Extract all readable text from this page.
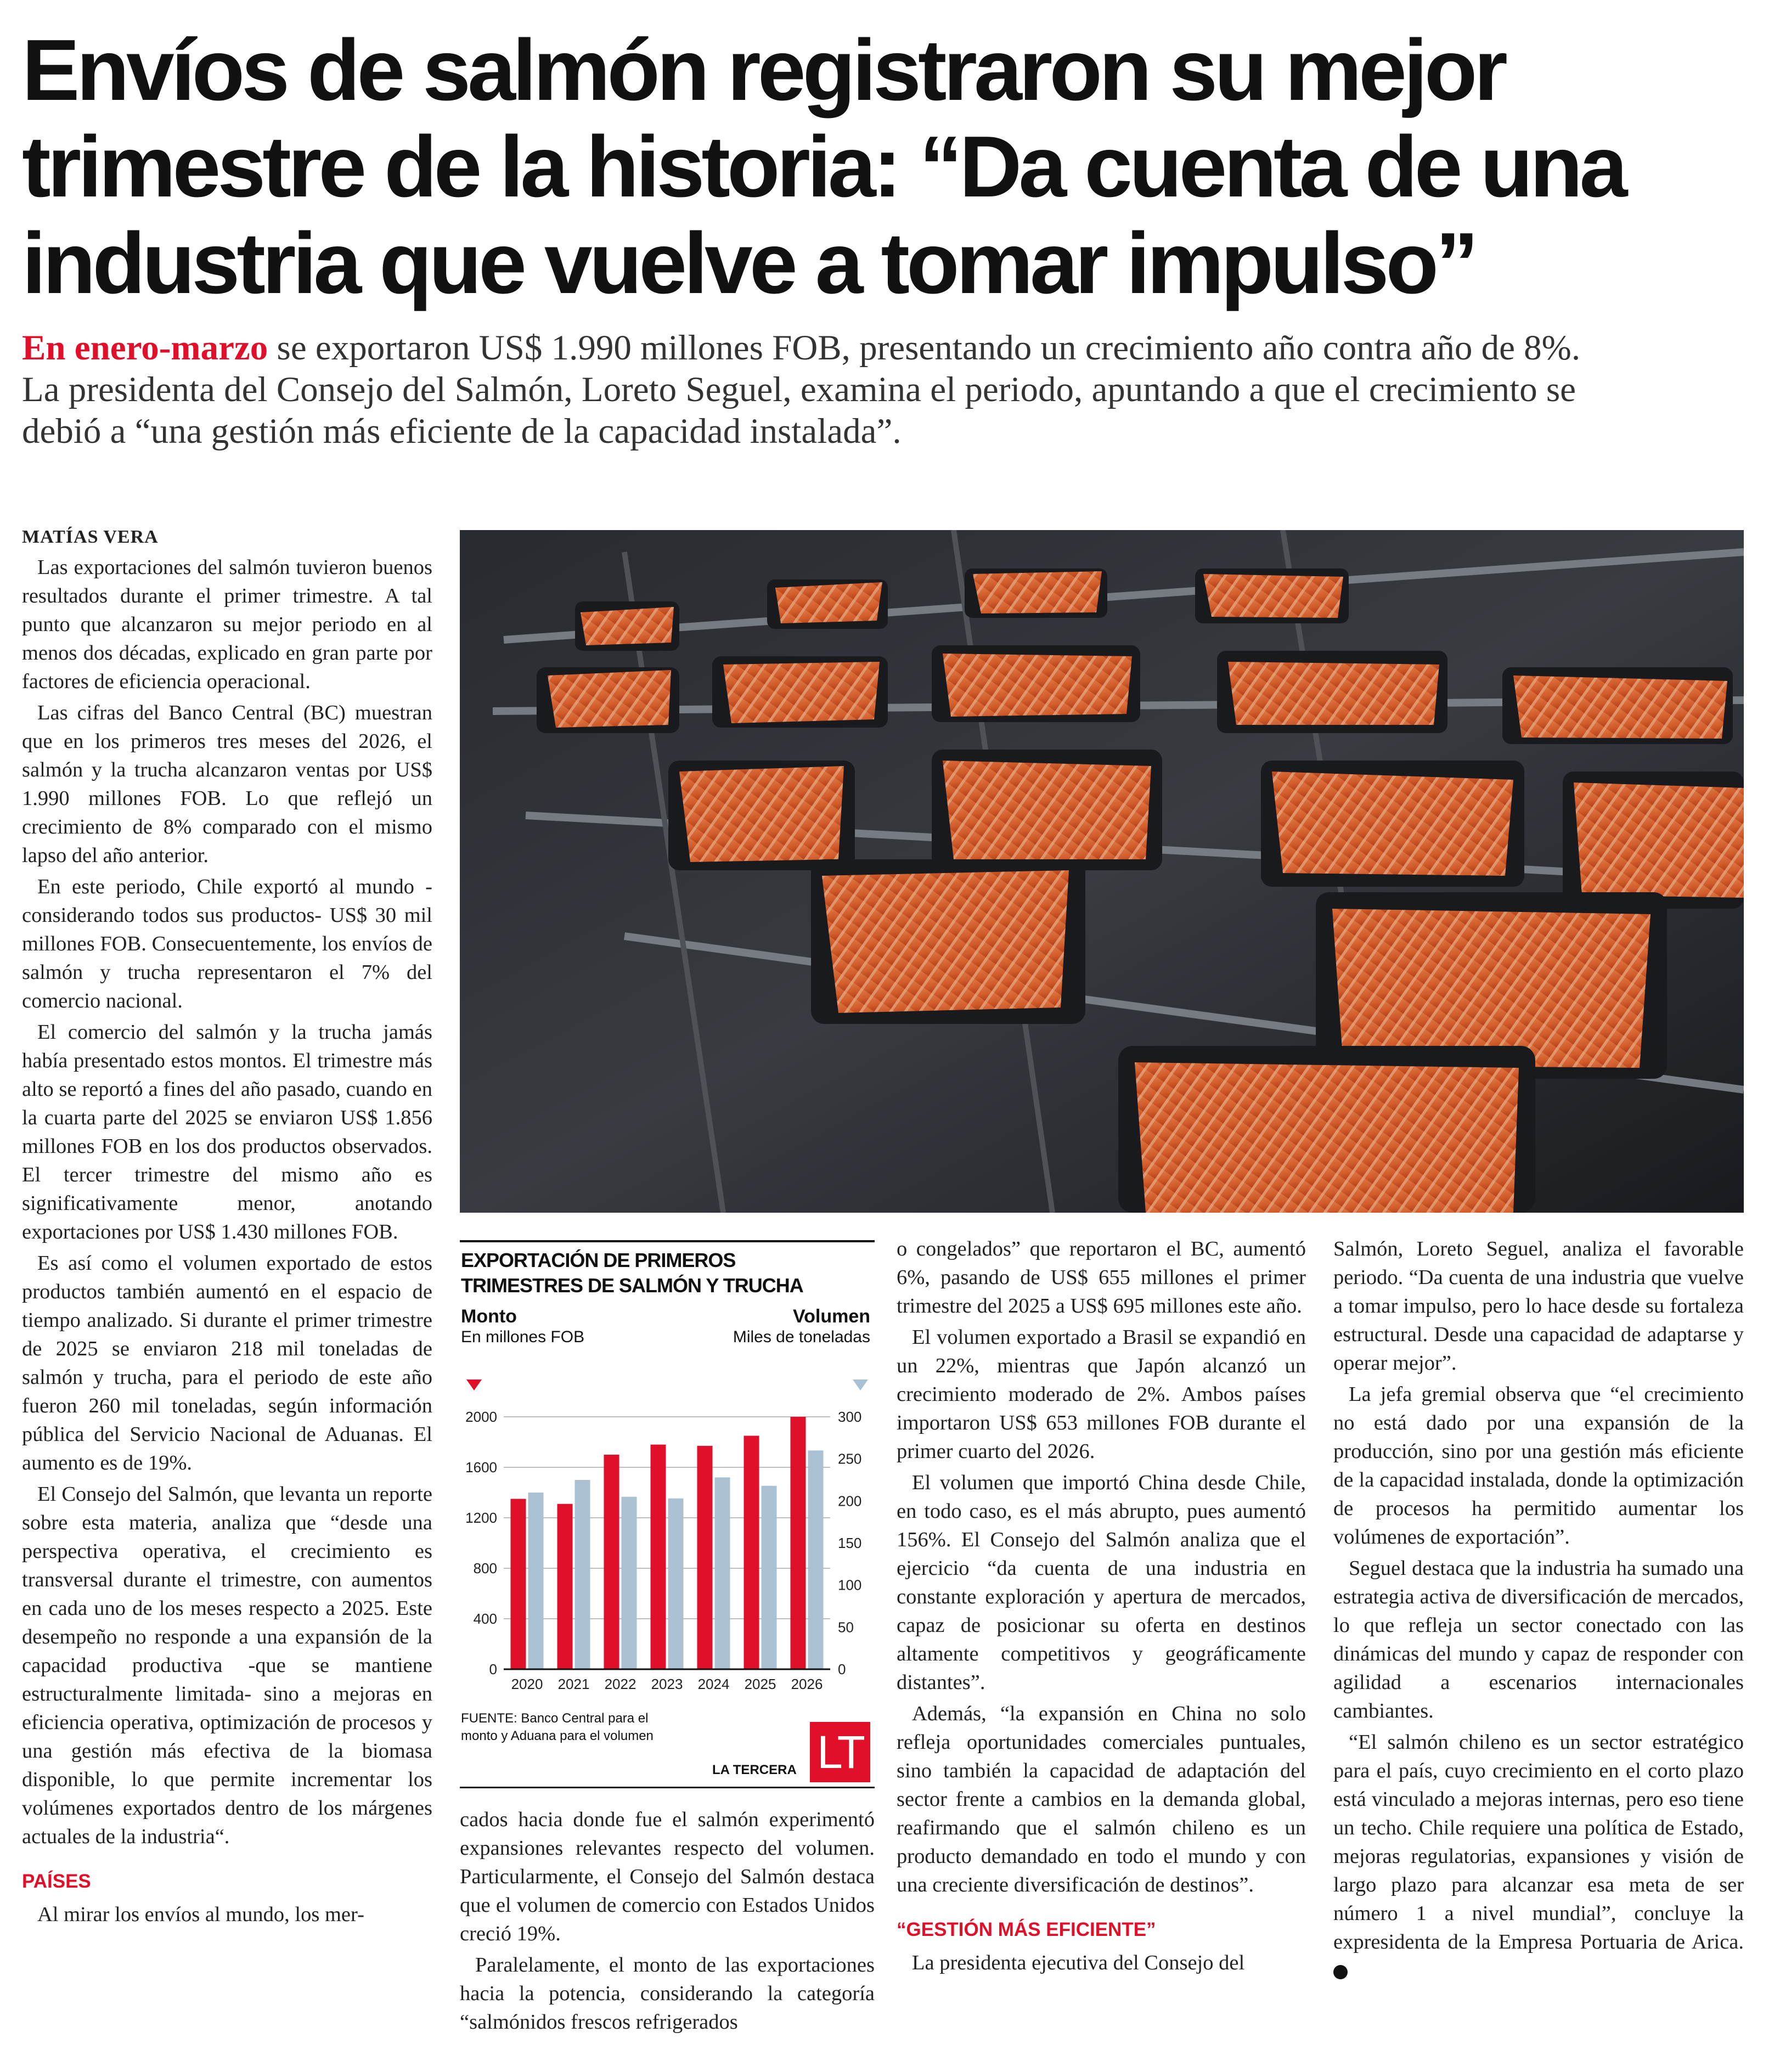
Envíos de salmón registraron su mejor
trimestre de la historia: “Da cuenta de una
industria que vuelve a tomar impulso”

En enero-marzo se exportaron US$ 1.990 millones FOB, presentando un crecimiento año contra año de 8%.
La presidenta del Consejo del Salmón, Loreto Seguel, examina el periodo, apuntando a que el crecimiento se
debió a “una gestión más eficiente de la capacidad instalada”.

MATÍAS VERA

Las exportaciones del salmón tuvieron buenos resultados durante el primer trimestre. A tal punto que alcanzaron su mejor periodo en al menos dos décadas, explicado en gran parte por factores de eficiencia operacional.

Las cifras del Banco Central (BC) muestran que en los primeros tres meses del 2026, el salmón y la trucha alcanzaron ventas por US$ 1.990 millones FOB. Lo que reflejó un crecimiento de 8% comparado con el mismo lapso del año anterior.

En este periodo, Chile exportó al mundo -considerando todos sus productos- US$ 30 mil millones FOB. Consecuentemente, los envíos de salmón y trucha representaron el 7% del comercio nacional.

El comercio del salmón y la trucha jamás había presentado estos montos. El trimestre más alto se reportó a fines del año pasado, cuando en la cuarta parte del 2025 se enviaron US$ 1.856 millones FOB en los dos productos observados. El tercer trimestre del mismo año es significativamente menor, anotando exportaciones por US$ 1.430 millones FOB.

Es así como el volumen exportado de estos productos también aumentó en el espacio de tiempo analizado. Si durante el primer trimestre de 2025 se enviaron 218 mil toneladas de salmón y trucha, para el periodo de este año fueron 260 mil toneladas, según información pública del Servicio Nacional de Aduanas. El aumento es de 19%.

El Consejo del Salmón, que levanta un reporte sobre esta materia, analiza que “desde una perspectiva operativa, el crecimiento es transversal durante el trimestre, con aumentos en cada uno de los meses respecto a 2025. Este desempeño no responde a una expansión de la capacidad productiva -que se mantiene estructuralmente limitada- sino a mejoras en eficiencia operativa, optimización de procesos y una gestión más efectiva de la biomasa disponible, lo que permite incrementar los volúmenes exportados dentro de los márgenes actuales de la industria“.

PAÍSES

Al mirar los envíos al mundo, los mer-

EXPORTACIÓN DE PRIMEROS
TRIMESTRES DE SALMÓN Y TRUCHA
Monto
En millones FOB
Volumen
Miles de toneladas
0
400
800
1200
1600
2000
0
50
100
150
200
250
300
2020 2021 2022 2023 2024 2025 2026
FUENTE: Banco Central para el
monto y Aduana para el volumen
LA TERCERA LT

cados hacia donde fue el salmón experimentó expansiones relevantes respecto del volumen. Particularmente, el Consejo del Salmón destaca que el volumen de comercio con Estados Unidos creció 19%.

Paralelamente, el monto de las exportaciones hacia la potencia, considerando la categoría “salmónidos frescos refrigerados

o congelados” que reportaron el BC, aumentó 6%, pasando de US$ 655 millones el primer trimestre del 2025 a US$ 695 millones este año.

El volumen exportado a Brasil se expandió en un 22%, mientras que Japón alcanzó un crecimiento moderado de 2%. Ambos países importaron US$ 653 millones FOB durante el primer cuarto del 2026.

El volumen que importó China desde Chile, en todo caso, es el más abrupto, pues aumentó 156%. El Consejo del Salmón analiza que el ejercicio “da cuenta de una industria en constante exploración y apertura de mercados, capaz de posicionar su oferta en destinos altamente competitivos y geográficamente distantes”.

Además, “la expansión en China no solo refleja oportunidades comerciales puntuales, sino también la capacidad de adaptación del sector frente a cambios en la demanda global, reafirmando que el salmón chileno es un producto demandado en todo el mundo y con una creciente diversificación de destinos”.

“GESTIÓN MÁS EFICIENTE”

La presidenta ejecutiva del Consejo del

Salmón, Loreto Seguel, analiza el favorable periodo. “Da cuenta de una industria que vuelve a tomar impulso, pero lo hace desde su fortaleza estructural. Desde una capacidad de adaptarse y operar mejor”.

La jefa gremial observa que “el crecimiento no está dado por una expansión de la producción, sino por una gestión más eficiente de la capacidad instalada, donde la optimización de procesos ha permitido aumentar los volúmenes de exportación”.

Seguel destaca que la industria ha sumado una estrategia activa de diversificación de mercados, lo que refleja un sector conectado con las dinámicas del mundo y capaz de responder con agilidad a escenarios internacionales cambiantes.

“El salmón chileno es un sector estratégico para el país, cuyo crecimiento en el corto plazo está vinculado a mejoras internas, pero eso tiene un techo. Chile requiere una política de Estado, mejoras regulatorias, expansiones y visión de largo plazo para alcanzar esa meta de ser número 1 a nivel mundial”, concluye la expresidenta de la Empresa Portuaria de Arica. ●
